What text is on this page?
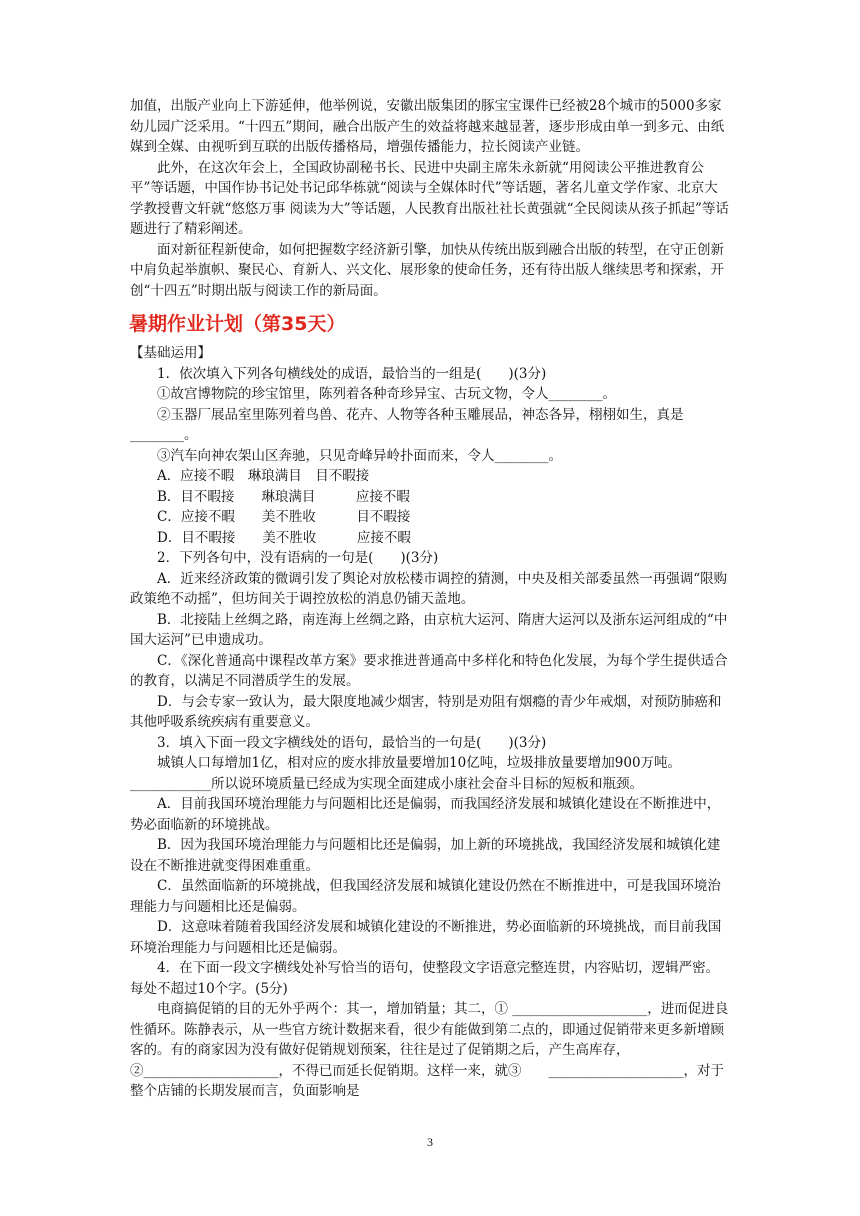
加值，出版产业向上下游延伸，他举例说，安徽出版集团的豚宝宝课件已经被28个城市的5000多家幼儿园广泛采用。“十四五”期间，融合出版产生的效益将越来越显著，逐步形成由单一到多元、由纸媒到全媒、由视听到互联的出版传播格局，增强传播能力，拉长阅读产业链。

此外，在这次年会上，全国政协副秘书长、民进中央副主席朱永新就“用阅读公平推进教育公平”等话题，中国作协书记处书记邱华栋就“阅读与全媒体时代”等话题，著名儿童文学作家、北京大学教授曹文轩就“悠悠万事 阅读为大”等话题，人民教育出版社社长黄强就“全民阅读从孩子抓起”等话题进行了精彩阐述。

面对新征程新使命，如何把握数字经济新引擎，加快从传统出版到融合出版的转型，在守正创新中肩负起举旗帜、聚民心、育新人、兴文化、展形象的使命任务，还有待出版人继续思考和探索，开创“十四五”时期出版与阅读工作的新局面。

暑期作业计划（第35天）

【基础运用】

1．依次填入下列各句横线处的成语，最恰当的一组是(　　)(3分)

①故宫博物院的珍宝馆里，陈列着各种奇珍异宝、古玩文物，令人________。

②玉器厂展品室里陈列着鸟兽、花卉、人物等各种玉雕展品，神态各异，栩栩如生，真是________。

③汽车向神农架山区奔驰，只见奇峰异岭扑面而来，令人________。

A．应接不暇　琳琅满目　目不暇接

B．目不暇接　　琳琅满目　　　应接不暇

C．应接不暇　　美不胜收　　　目不暇接

D．目不暇接　　美不胜收　　　应接不暇

2．下列各句中，没有语病的一句是(　　)(3分)

A．近来经济政策的微调引发了舆论对放松楼市调控的猜测，中央及相关部委虽然一再强调“限购政策绝不动摇”，但坊间关于调控放松的消息仍铺天盖地。

B．北接陆上丝绸之路，南连海上丝绸之路，由京杭大运河、隋唐大运河以及浙东运河组成的“中国大运河”已申遗成功。

C．《深化普通高中课程改革方案》要求推进普通高中多样化和特色化发展，为每个学生提供适合的教育，以满足不同潜质学生的发展。

D．与会专家一致认为，最大限度地减少烟害，特别是劝阻有烟瘾的青少年戒烟，对预防肺癌和其他呼吸系统疾病有重要意义。

3．填入下面一段文字横线处的语句，最恰当的一句是(　　)(3分)

城镇人口每增加1亿，相对应的废水排放量要增加10亿吨，垃圾排放量要增加900万吨。____________所以说环境质量已经成为实现全面建成小康社会奋斗目标的短板和瓶颈。

A．目前我国环境治理能力与问题相比还是偏弱，而我国经济发展和城镇化建设在不断推进中，势必面临新的环境挑战。

B．因为我国环境治理能力与问题相比还是偏弱，加上新的环境挑战，我国经济发展和城镇化建设在不断推进就变得困难重重。

C．虽然面临新的环境挑战，但我国经济发展和城镇化建设仍然在不断推进中，可是我国环境治理能力与问题相比还是偏弱。

D．这意味着随着我国经济发展和城镇化建设的不断推进，势必面临新的环境挑战，而目前我国环境治理能力与问题相比还是偏弱。

4．在下面一段文字横线处补写恰当的语句，使整段文字语意完整连贯，内容贴切，逻辑严密。每处不超过10个字。(5分)

电商搞促销的目的无外乎两个：其一，增加销量；其二，① ____________________，进而促进良性循环。陈静表示，从一些官方统计数据来看，很少有能做到第二点的，即通过促销带来更多新增顾客的。有的商家因为没有做好促销规划预案，往往是过了促销期之后，产生高库存，②____________________，不得已而延长促销期。这样一来，就③　　____________________，对于整个店铺的长期发展而言，负面影响是

3
